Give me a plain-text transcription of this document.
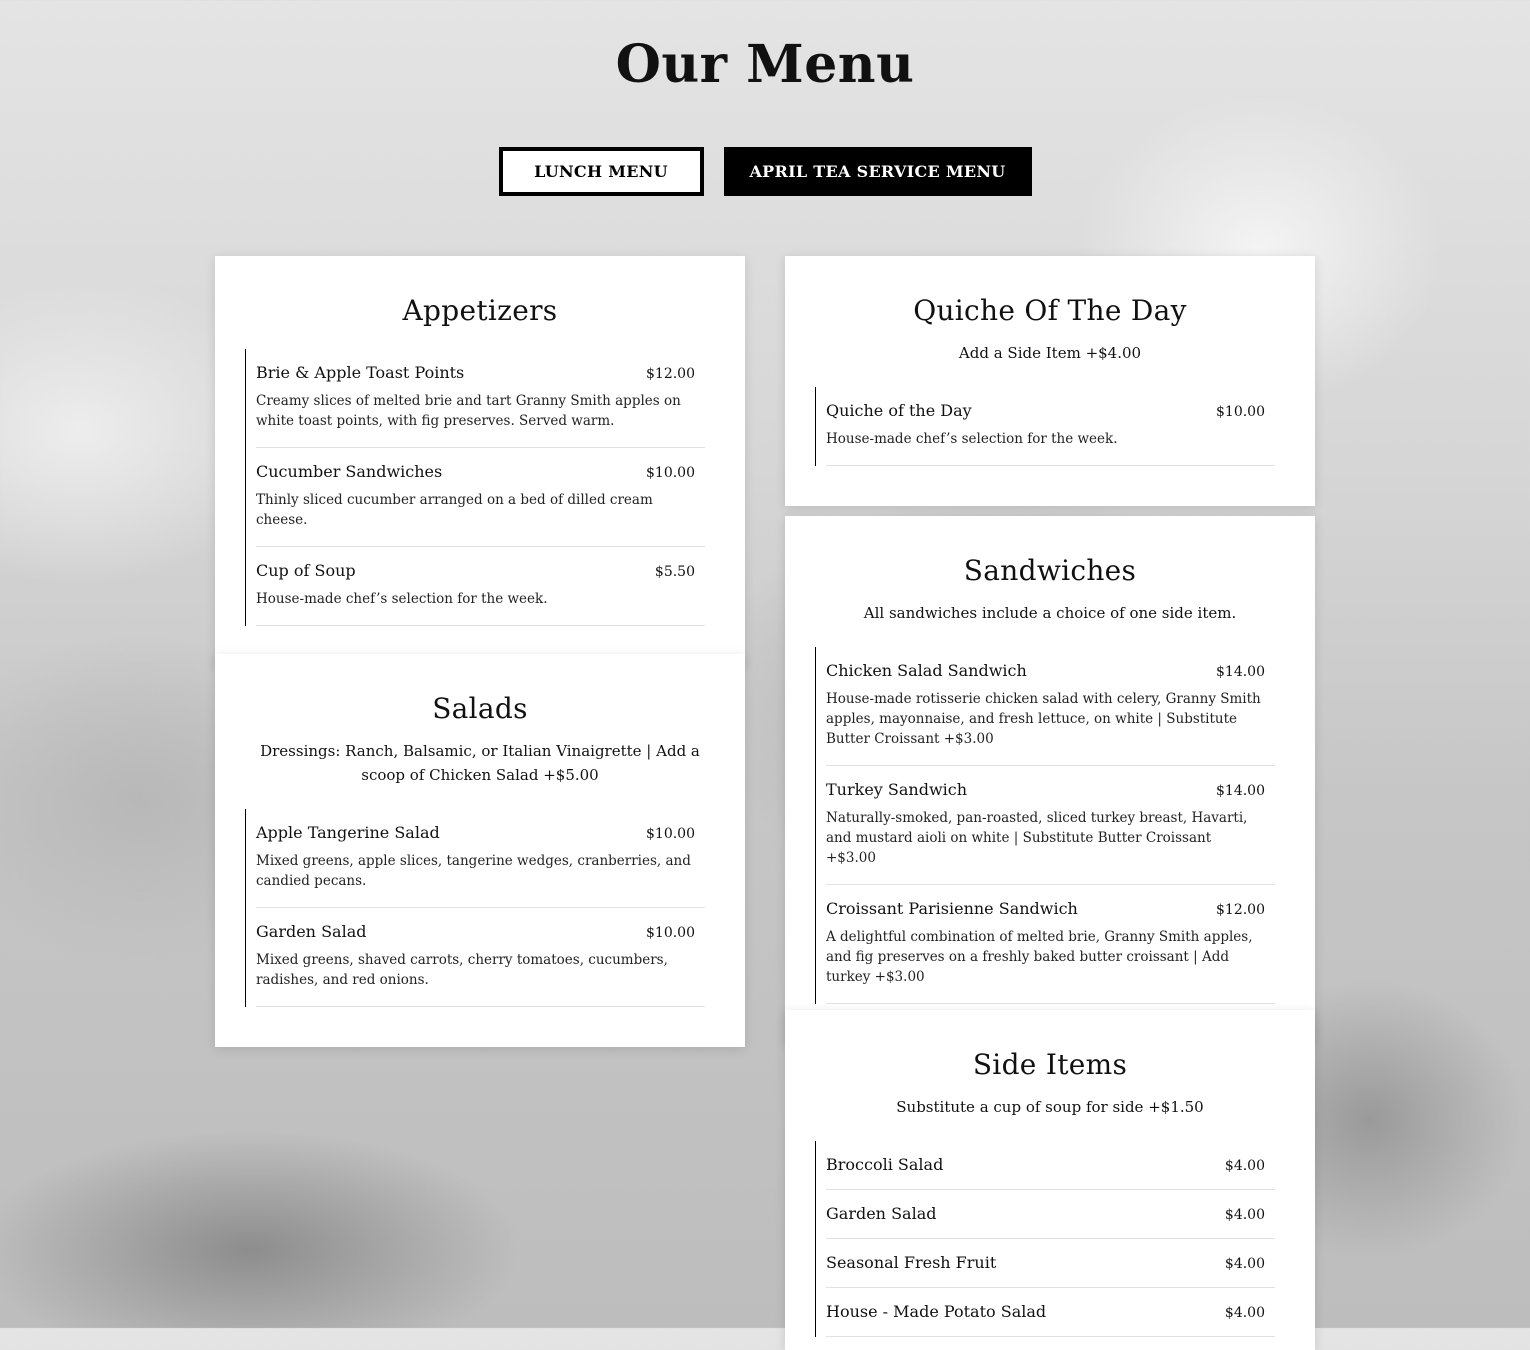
Our Menu
LUNCH MENU	APRIL TEA SERVICE MENU
Appetizers
Brie & Apple Toast Points	$12.00
Creamy slices of melted brie and tart Granny Smith apples on white toast points, with fig preserves. Served warm.
Cucumber Sandwiches	$10.00
Thinly sliced cucumber arranged on a bed of dilled cream cheese.
Cup of Soup	$5.50
House-made chef’s selection for the week.
Salads

Dressings: Ranch, Balsamic, or Italian Vinaigrette | Add a scoop of Chicken Salad +$5.00

Apple Tangerine Salad	$10.00
Mixed greens, apple slices, tangerine wedges, cranberries, and candied pecans.
Garden Salad	$10.00
Mixed greens, shaved carrots, cherry tomatoes, cucumbers, radishes, and red onions.
Quiche Of The Day

Add a Side Item +$4.00

Quiche of the Day	$10.00
House-made chef’s selection for the week.
Sandwiches

All sandwiches include a choice of one side item.

Chicken Salad Sandwich	$14.00
House-made rotisserie chicken salad with celery, Granny Smith apples, mayonnaise, and fresh lettuce, on white | Substitute Butter Croissant +$3.00
Turkey Sandwich	$14.00
Naturally-smoked, pan-roasted, sliced turkey breast, Havarti, and mustard aioli on white | Substitute Butter Croissant +$3.00
Croissant Parisienne Sandwich	$12.00
A delightful combination of melted brie, Granny Smith apples, and fig preserves on a freshly baked butter croissant | Add turkey +$3.00
Side Items

Substitute a cup of soup for side +$1.50

Broccoli Salad	$4.00
Garden Salad	$4.00
Seasonal Fresh Fruit	$4.00
House - Made Potato Salad	$4.00
